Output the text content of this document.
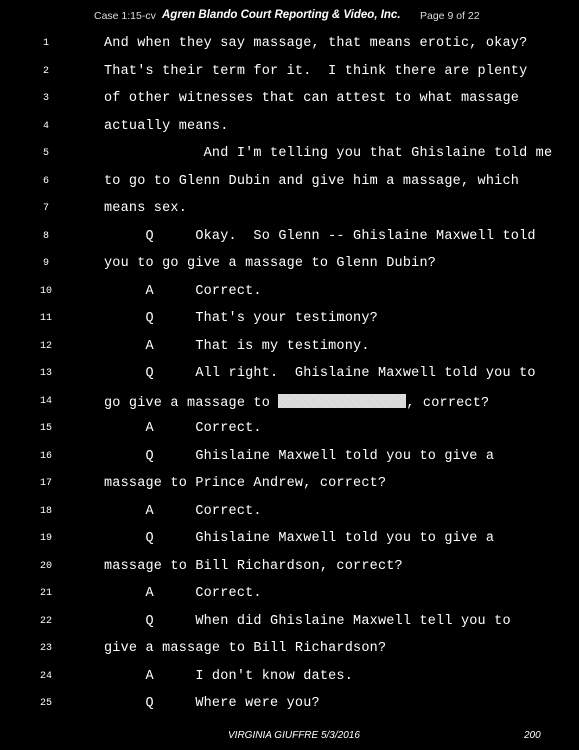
Case 1:15-cv	Page 9 of 22
Agren Blando Court Reporting & Video, Inc.
1	And when they say massage, that means erotic, okay?
2	That's their term for it.  I think there are plenty
3	of other witnesses that can attest to what massage
4	actually means.
5	And I'm telling you that Ghislaine told me
6	to go to Glenn Dubin and give him a massage, which
7	means sex.
8	Q     Okay.  So Glenn -- Ghislaine Maxwell told
9	you to go give a massage to Glenn Dubin?
10	A     Correct.
11	Q     That's your testimony?
12	A     That is my testimony.
13	Q     All right.  Ghislaine Maxwell told you to
14	go give a massage to	, correct?
15	A     Correct.
16	Q     Ghislaine Maxwell told you to give a
17	massage to Prince Andrew, correct?
18	A     Correct.
19	Q     Ghislaine Maxwell told you to give a
20	massage to Bill Richardson, correct?
21	A     Correct.
22	Q     When did Ghislaine Maxwell tell you to
23	give a massage to Bill Richardson?
24	A     I don't know dates.
25	Q     Where were you?
VIRGINIA GIUFFRE 5/3/2016	200
